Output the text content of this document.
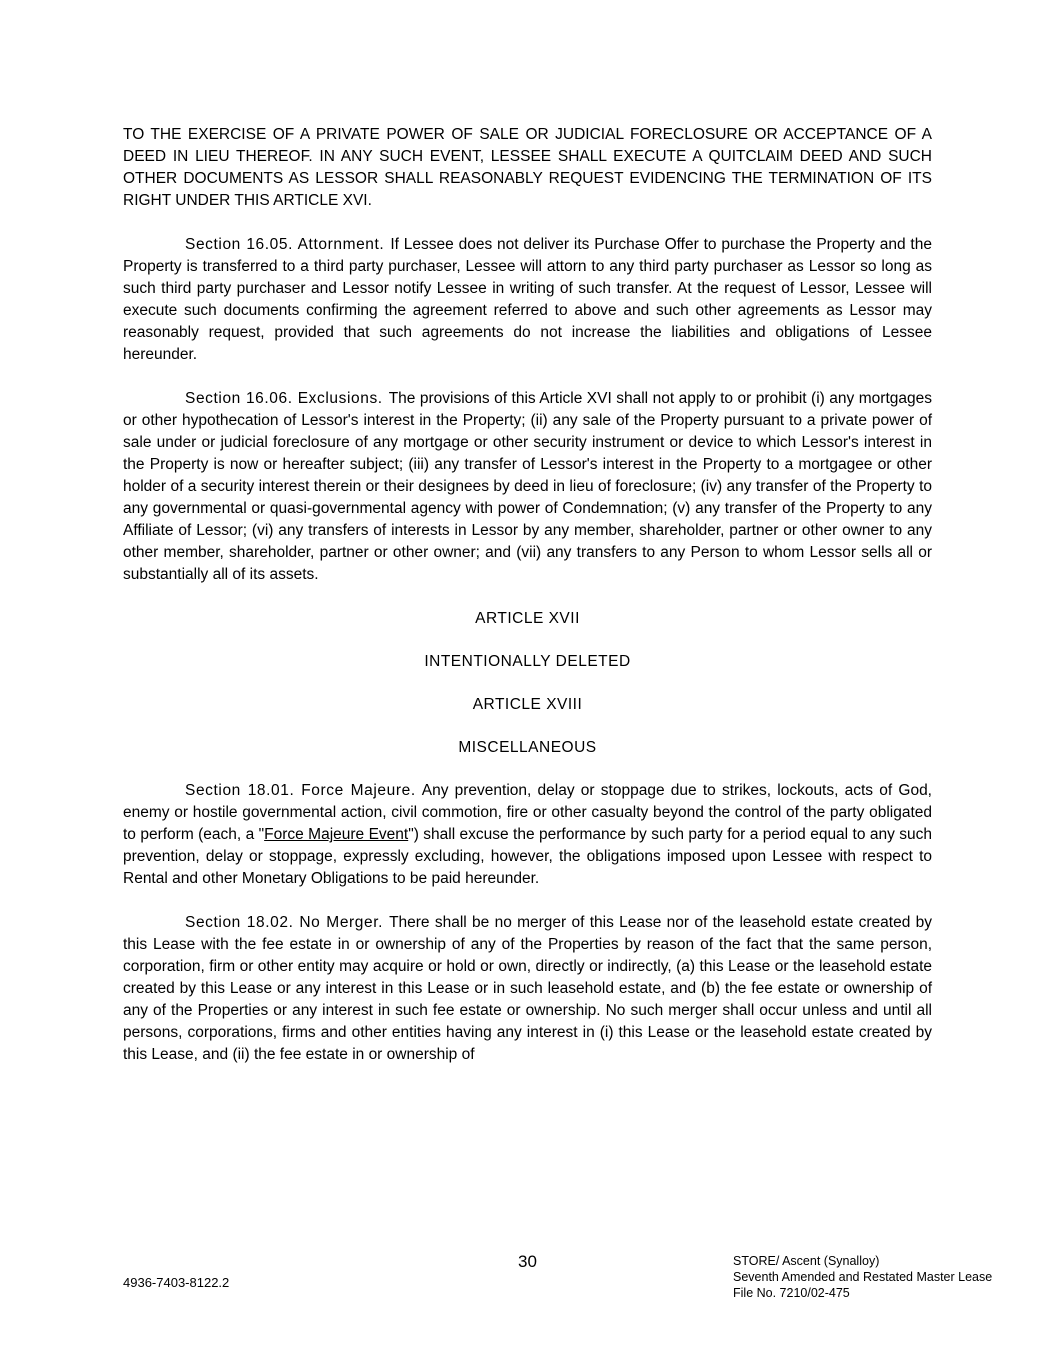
TO THE EXERCISE OF A PRIVATE POWER OF SALE OR JUDICIAL FORECLOSURE OR ACCEPTANCE OF A DEED IN LIEU THEREOF. IN ANY SUCH EVENT, LESSEE SHALL EXECUTE A QUITCLAIM DEED AND SUCH OTHER DOCUMENTS AS LESSOR SHALL REASONABLY REQUEST EVIDENCING THE TERMINATION OF ITS RIGHT UNDER THIS ARTICLE XVI.

Section 16.05. Attornment. If Lessee does not deliver its Purchase Offer to purchase the Property and the Property is transferred to a third party purchaser, Lessee will attorn to any third party purchaser as Lessor so long as such third party purchaser and Lessor notify Lessee in writing of such transfer. At the request of Lessor, Lessee will execute such documents confirming the agreement referred to above and such other agreements as Lessor may reasonably request, provided that such agreements do not increase the liabilities and obligations of Lessee hereunder.

Section 16.06. Exclusions. The provisions of this Article XVI shall not apply to or prohibit (i) any mortgages or other hypothecation of Lessor's interest in the Property; (ii) any sale of the Property pursuant to a private power of sale under or judicial foreclosure of any mortgage or other security instrument or device to which Lessor's interest in the Property is now or hereafter subject; (iii) any transfer of Lessor's interest in the Property to a mortgagee or other holder of a security interest therein or their designees by deed in lieu of foreclosure; (iv) any transfer of the Property to any governmental or quasi-governmental agency with power of Condemnation; (v) any transfer of the Property to any Affiliate of Lessor; (vi) any transfers of interests in Lessor by any member, shareholder, partner or other owner to any other member, shareholder, partner or other owner; and (vii) any transfers to any Person to whom Lessor sells all or substantially all of its assets.

ARTICLE XVII

INTENTIONALLY DELETED

ARTICLE XVIII

MISCELLANEOUS

Section 18.01. Force Majeure. Any prevention, delay or stoppage due to strikes, lockouts, acts of God, enemy or hostile governmental action, civil commotion, fire or other casualty beyond the control of the party obligated to perform (each, a "Force Majeure Event") shall excuse the performance by such party for a period equal to any such prevention, delay or stoppage, expressly excluding, however, the obligations imposed upon Lessee with respect to Rental and other Monetary Obligations to be paid hereunder.

Section 18.02. No Merger. There shall be no merger of this Lease nor of the leasehold estate created by this Lease with the fee estate in or ownership of any of the Properties by reason of the fact that the same person, corporation, firm or other entity may acquire or hold or own, directly or indirectly, (a) this Lease or the leasehold estate created by this Lease or any interest in this Lease or in such leasehold estate, and (b) the fee estate or ownership of any of the Properties or any interest in such fee estate or ownership. No such merger shall occur unless and until all persons, corporations, firms and other entities having any interest in (i) this Lease or the leasehold estate created by this Lease, and (ii) the fee estate in or ownership of

30
4936-7403-8122.2
STORE/ Ascent (Synalloy)
Seventh Amended and Restated Master Lease
File No. 7210/02-475
